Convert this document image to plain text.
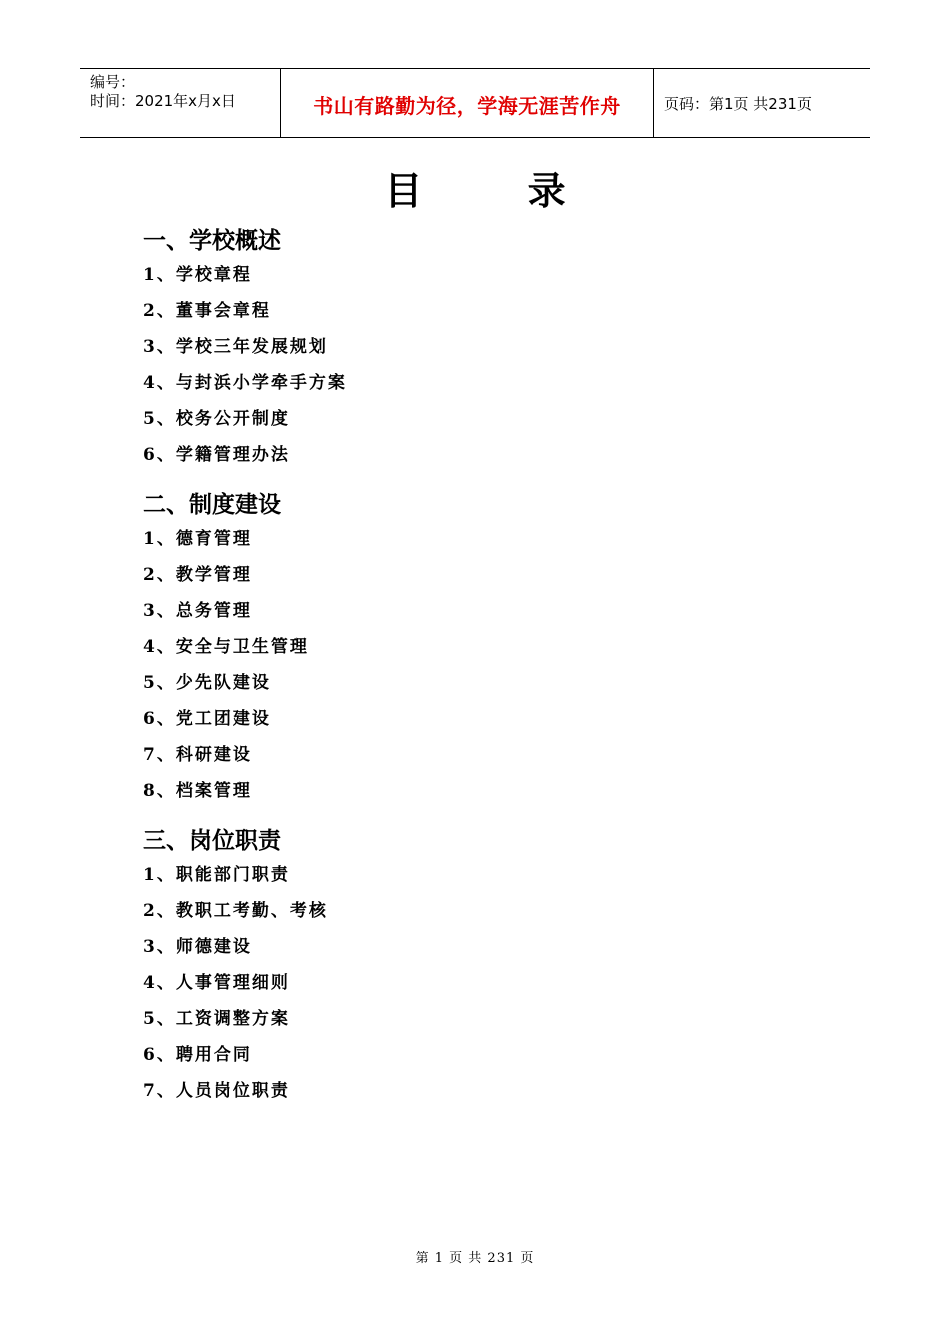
编号：
时间：2021年x月x日	书山有路勤为径，学海无涯苦作舟	页码：第1页 共231页
目 录
一、学校概述
1、学校章程
2、董事会章程
3、学校三年发展规划
4、与封浜小学牵手方案
5、校务公开制度
6、学籍管理办法
二、制度建设
1、德育管理
2、教学管理
3、总务管理
4、安全与卫生管理
5、少先队建设
6、党工团建设
7、科研建设
8、档案管理
三、岗位职责
1、职能部门职责
2、教职工考勤、考核
3、师德建设
4、人事管理细则
5、工资调整方案
6、聘用合同
7、人员岗位职责
第 1 页 共 231 页
